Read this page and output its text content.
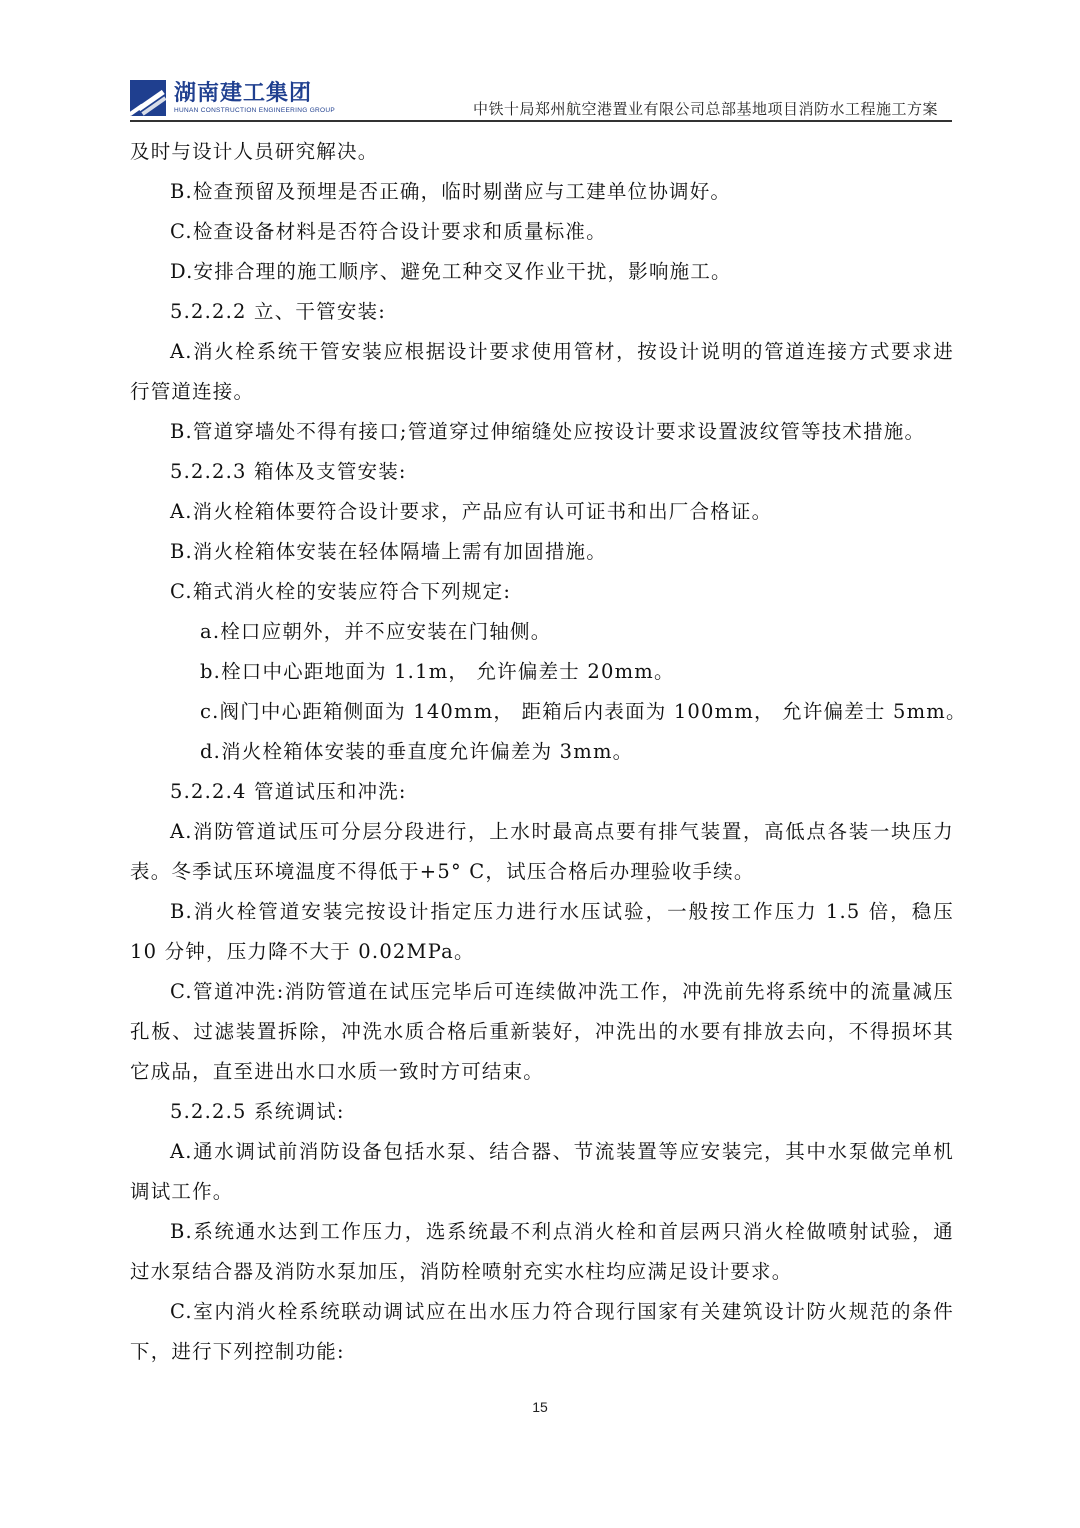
湖南建工集团
HUNAN CONSTRUCTION ENGINEERING GROUP	中铁十局郑州航空港置业有限公司总部基地项目消防水工程施工方案

及时与设计人员研究解决。

B.检查预留及预埋是否正确，临时剔凿应与工建单位协调好。

C.检查设备材料是否符合设计要求和质量标准。

D.安排合理的施工顺序、避免工种交叉作业干扰，影响施工。

5.2.2.2 立、干管安装:

A.消火栓系统干管安装应根据设计要求使用管材，按设计说明的管道连接方式要求进行管道连接。

B.管道穿墙处不得有接口;管道穿过伸缩缝处应按设计要求设置波纹管等技术措施。

5.2.2.3 箱体及支管安装:

A.消火栓箱体要符合设计要求，产品应有认可证书和出厂合格证。

B.消火栓箱体安装在轻体隔墙上需有加固措施。

C.箱式消火栓的安装应符合下列规定:

a.栓口应朝外，并不应安装在门轴侧。

b.栓口中心距地面为 1.1m， 允许偏差士 20mm。

c.阀门中心距箱侧面为 140mm， 距箱后内表面为 100mm， 允许偏差士 5mm。

d.消火栓箱体安装的垂直度允许偏差为 3mm。

5.2.2.4 管道试压和冲洗:

A.消防管道试压可分层分段进行，上水时最高点要有排气装置，高低点各装一块压力表。冬季试压环境温度不得低于+5° C，试压合格后办理验收手续。

B.消火栓管道安装完按设计指定压力进行水压试验，一般按工作压力 1.5 倍，稳压 10 分钟，压力降不大于 0.02MPa。

C.管道冲洗:消防管道在试压完毕后可连续做冲洗工作，冲洗前先将系统中的流量减压孔板、过滤装置拆除，冲洗水质合格后重新装好，冲洗出的水要有排放去向，不得损坏其它成品，直至进出水口水质一致时方可结束。

5.2.2.5 系统调试:

A.通水调试前消防设备包括水泵、结合器、节流装置等应安装完，其中水泵做完单机调试工作。

B.系统通水达到工作压力，选系统最不利点消火栓和首层两只消火栓做喷射试验，通过水泵结合器及消防水泵加压，消防栓喷射充实水柱均应满足设计要求。

C.室内消火栓系统联动调试应在出水压力符合现行国家有关建筑设计防火规范的条件下，进行下列控制功能:

15
